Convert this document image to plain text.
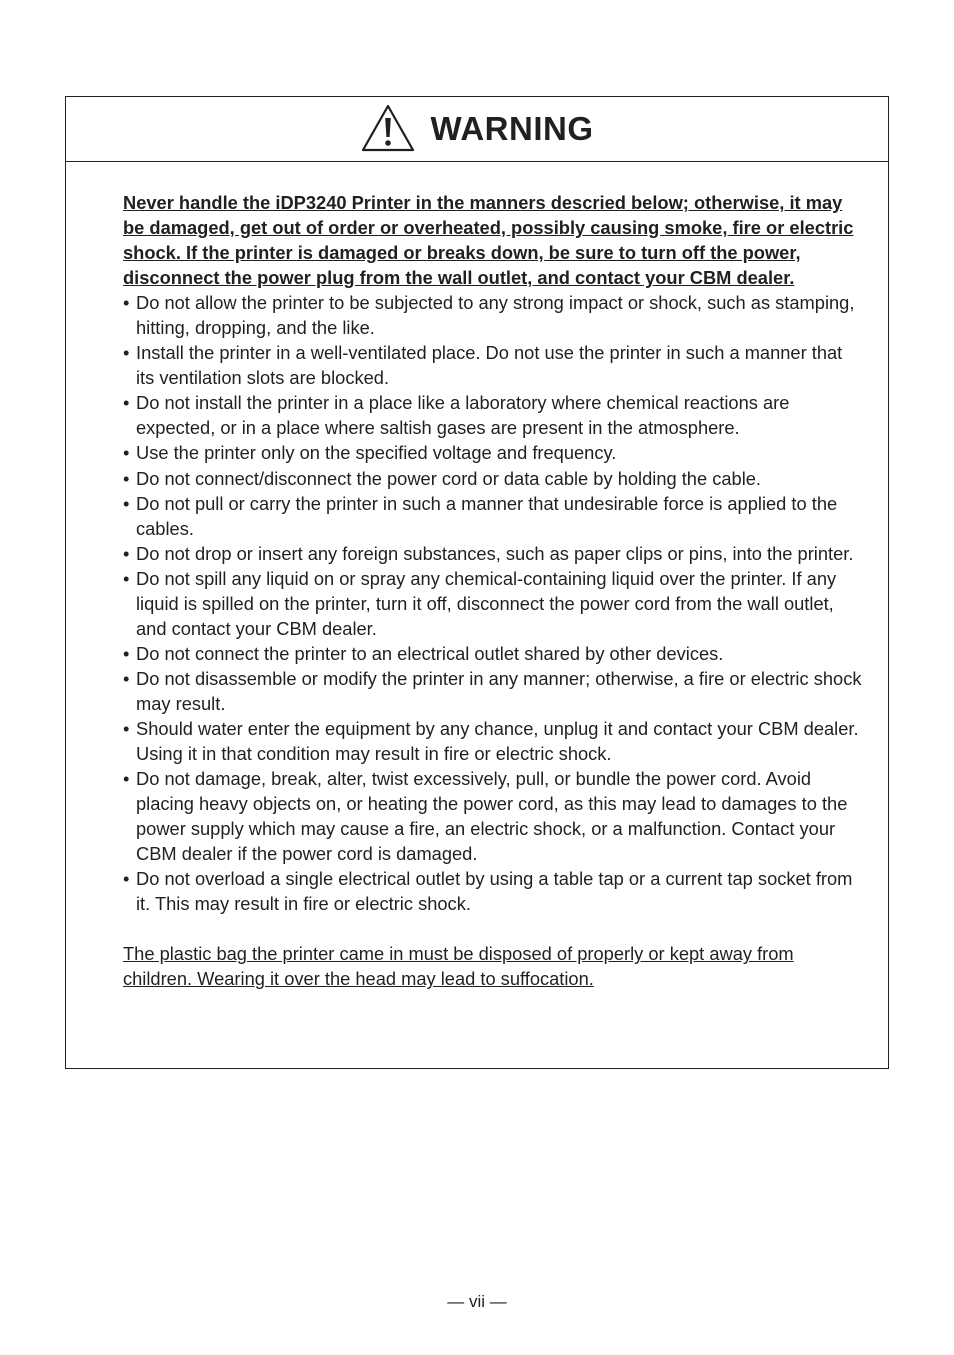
WARNING

Never handle the iDP3240 Printer in the manners descried below; otherwise, it may be damaged, get out of order or overheated, possibly causing smoke, fire or electric shock. If the printer is damaged or breaks down, be sure to turn off the power, disconnect the power plug from the wall outlet, and contact your CBM dealer.

• Do not allow the printer to be subjected to any strong impact or shock, such as stamping, hitting, dropping, and the like.
• Install the printer in a well-ventilated place. Do not use the printer in such a manner that its ventilation slots are blocked.
• Do not install the printer in a place like a laboratory where chemical reactions are expected, or in a place where saltish gases are present in the atmosphere.
• Use the printer only on the specified voltage and frequency.
• Do not connect/disconnect the power cord or data cable by holding the cable.
• Do not pull or carry the printer in such a manner that undesirable force is applied to the cables.
• Do not drop or insert any foreign substances, such as paper clips or pins, into the printer.
• Do not spill any liquid on or spray any chemical-containing liquid over the printer. If any liquid is spilled on the printer, turn it off, disconnect the power cord from the wall outlet, and contact your CBM dealer.
• Do not connect the printer to an electrical outlet shared by other devices.
• Do not disassemble or modify the printer in any manner; otherwise, a fire or electric shock may result.
• Should water enter the equipment by any chance, unplug it and contact your CBM dealer. Using it in that condition may result in fire or electric shock.
• Do not damage, break, alter, twist excessively, pull, or bundle the power cord. Avoid placing heavy objects on, or heating the power cord, as this may lead to damages to the power supply which may cause a fire, an electric shock, or a malfunction. Contact your CBM dealer if the power cord is damaged.
• Do not overload a single electrical outlet by using a table tap or a current tap socket from it. This may result in fire or electric shock.

The plastic bag the printer came in must be disposed of properly or kept away from children. Wearing it over the head may lead to suffocation.

— vii —
